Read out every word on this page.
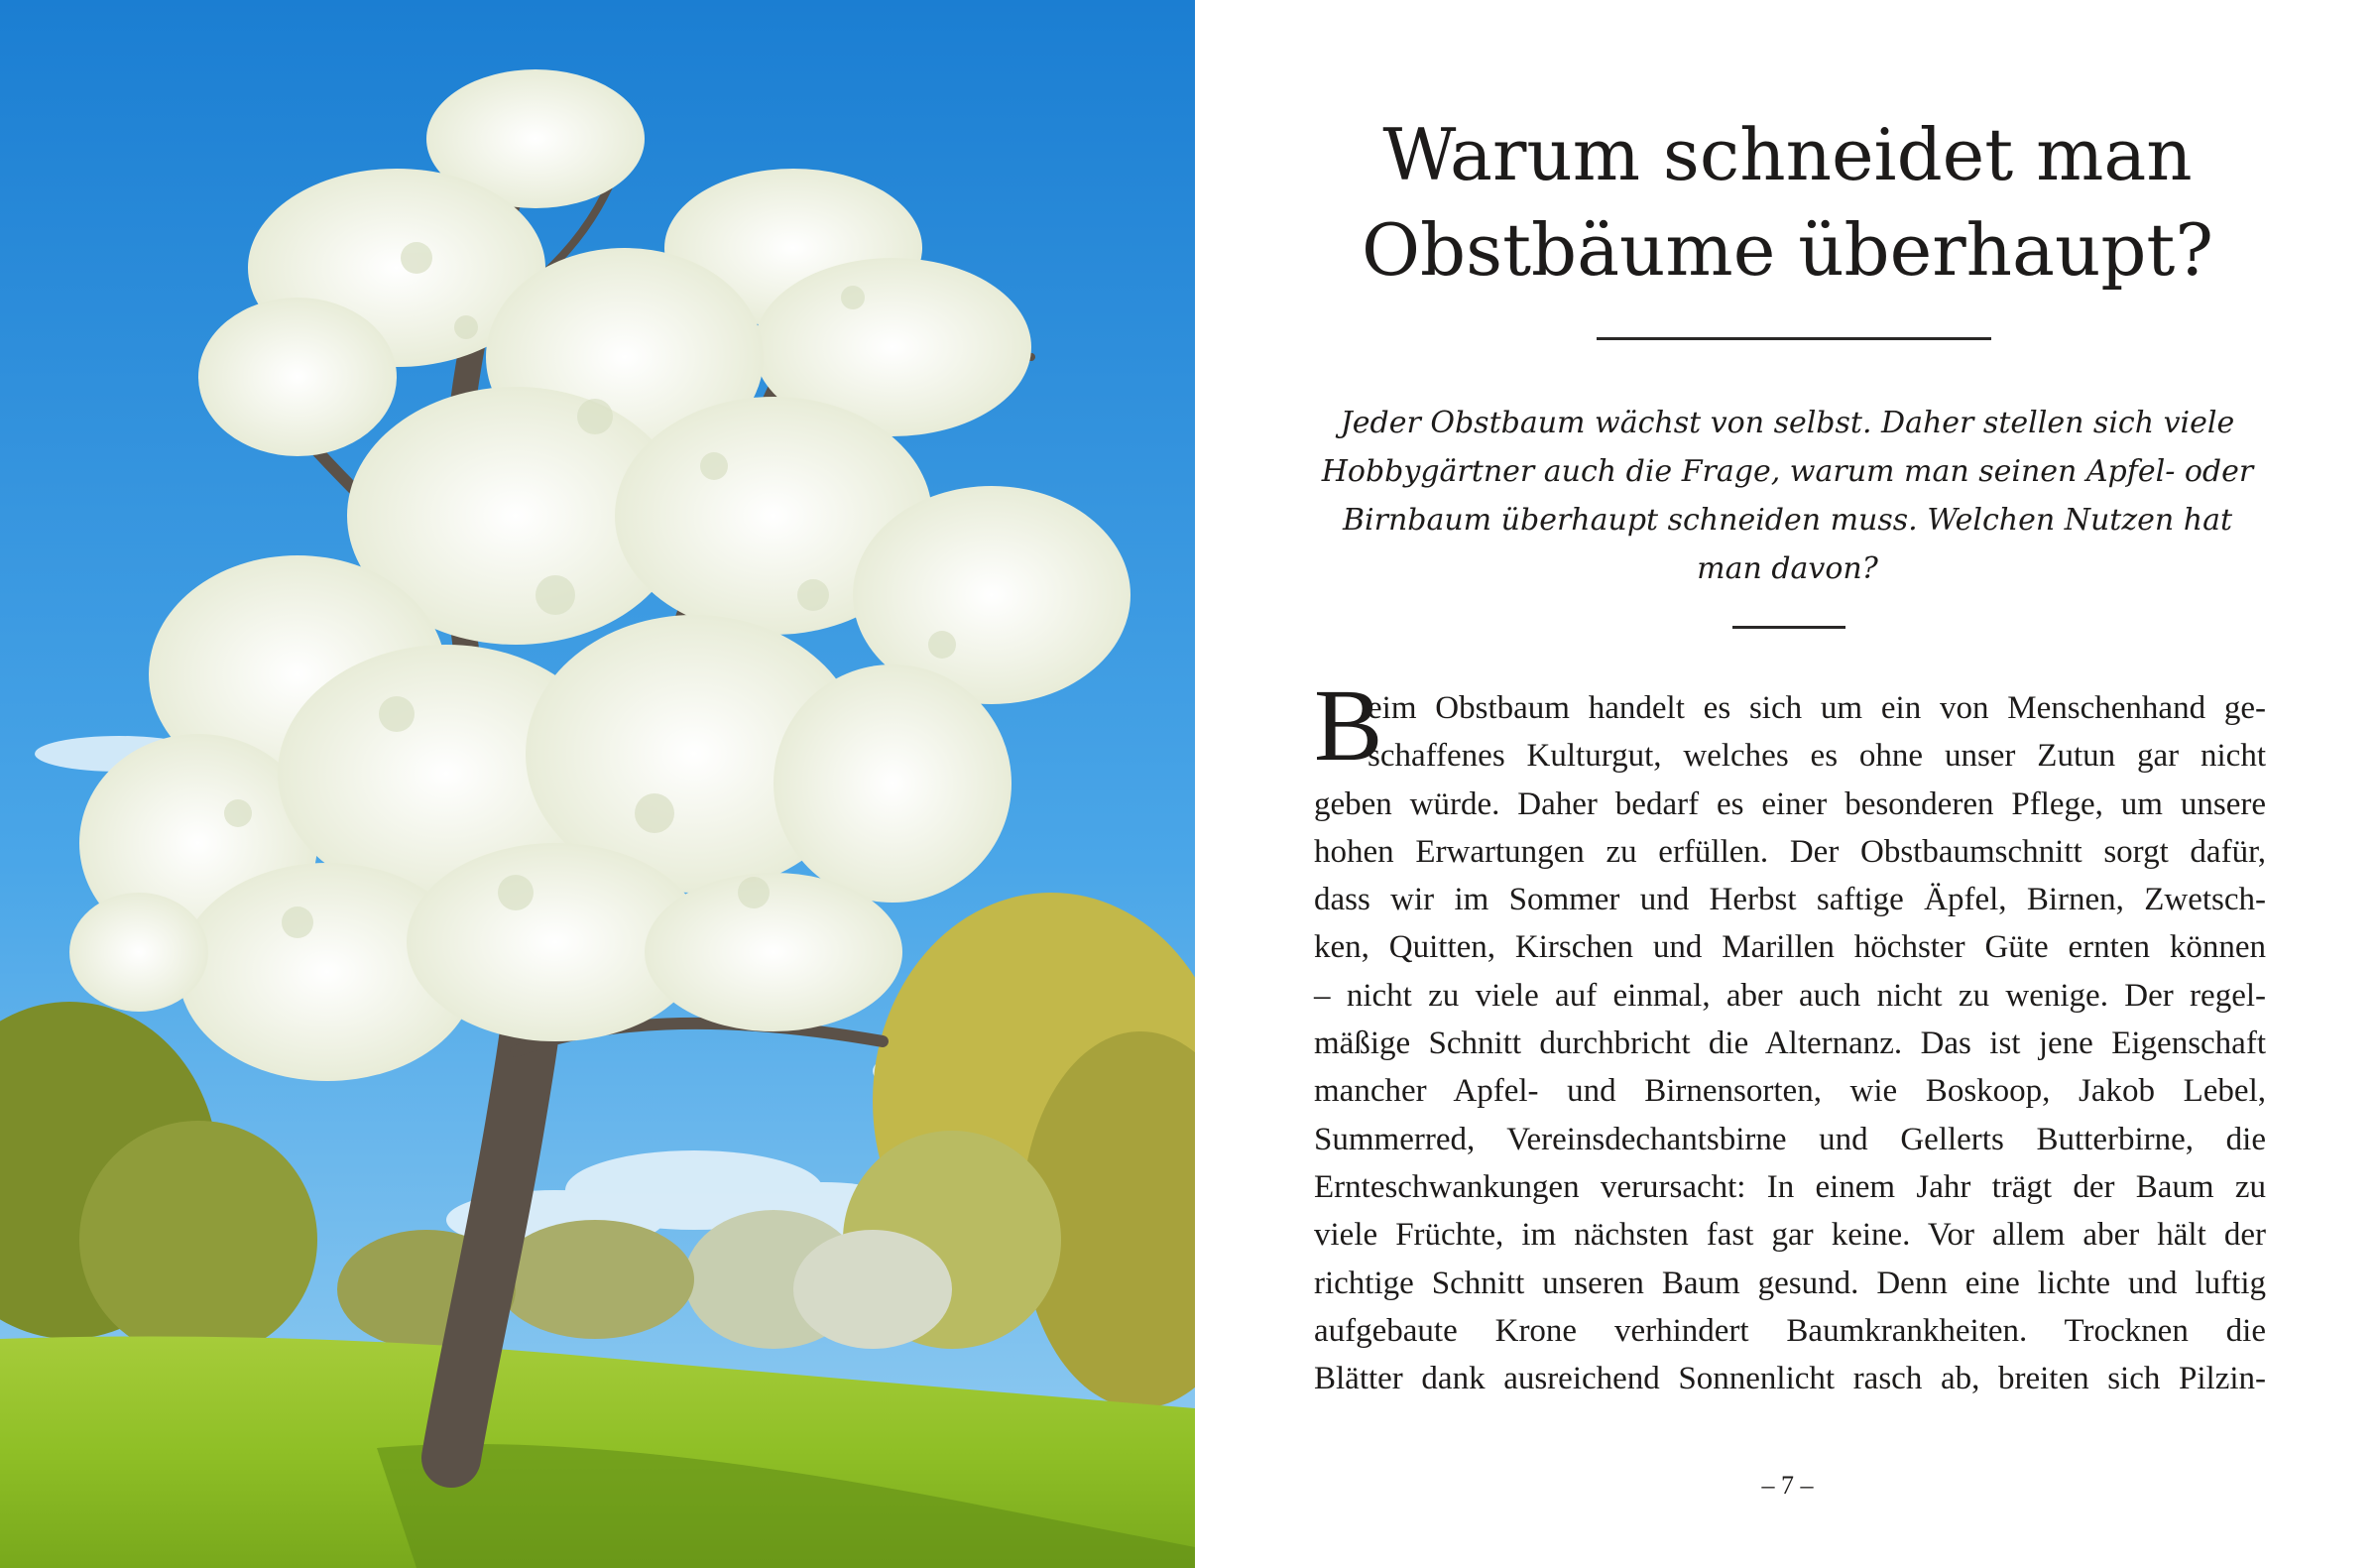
Warum schneidet man
Obstbäume überhaupt?

Jeder Obstbaum wächst von selbst. Daher stellen sich viele
Hobbygärtner auch die Frage, warum man seinen Apfel- oder
Birnbaum überhaupt schneiden muss. Welchen Nutzen hat
man davon?

B
eim Obstbaum handelt es sich um ein von Menschenhand ge-
schaffenes Kulturgut, welches es ohne unser Zutun gar nicht
geben würde. Daher bedarf es einer besonderen Pflege, um unsere
hohen Erwartungen zu erfüllen. Der Obstbaumschnitt sorgt dafür,
dass wir im Sommer und Herbst saftige Äpfel, Birnen, Zwetsch-
ken, Quitten, Kirschen und Marillen höchster Güte ernten können
– nicht zu viele auf einmal, aber auch nicht zu wenige. Der regel-
mäßige Schnitt durchbricht die Alternanz. Das ist jene Eigenschaft
mancher Apfel- und Birnensorten, wie Boskoop, Jakob Lebel,
Summerred, Vereinsdechantsbirne und Gellerts Butterbirne, die
Ernteschwankungen verursacht: In einem Jahr trägt der Baum zu
viele Früchte, im nächsten fast gar keine. Vor allem aber hält der
richtige Schnitt unseren Baum gesund. Denn eine lichte und luftig
aufgebaute Krone verhindert Baumkrankheiten. Trocknen die
Blätter dank ausreichend Sonnenlicht rasch ab, breiten sich Pilzin-
– 7 –
